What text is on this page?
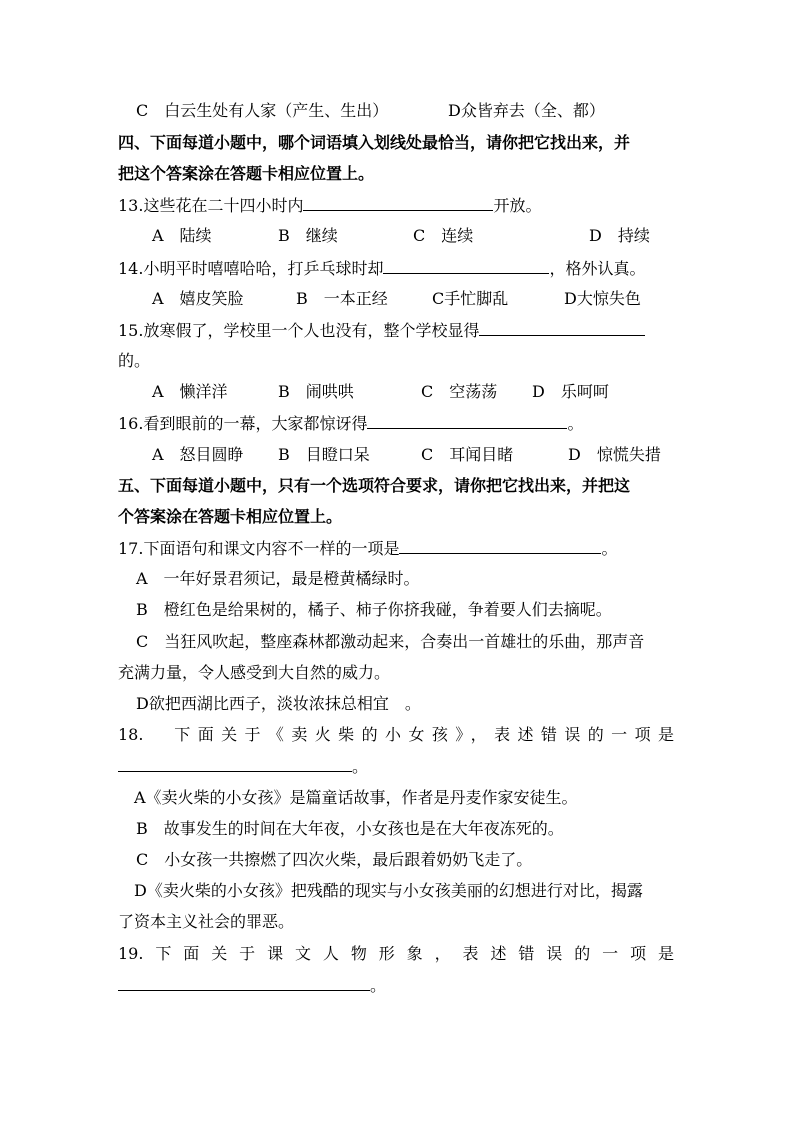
C　白云生处有人家（产生、生出）	D众皆弃去（全、都）
四、下面每道小题中，哪个词语填入划线处最恰当，请你把它找出来，并
把这个答案涂在答题卡相应位置上。
13.这些花在二十四小时内	开放。
A　陆续	B　继续	C　连续	D　持续
14.小明平时嘻嘻哈哈，打乒乓球时却	，格外认真。
A　嬉皮笑脸	B　一本正经	C手忙脚乱	D大惊失色
15.放寒假了，学校里一个人也没有，整个学校显得
的。
A　懒洋洋	B　闹哄哄	C　空荡荡 D　乐呵呵
16.看到眼前的一幕，大家都惊讶得	。
A　怒目圆睁 B　目瞪口呆	C　耳闻目睹	D　惊慌失措
五、下面每道小题中，只有一个选项符合要求，请你把它找出来，并把这
个答案涂在答题卡相应位置上。
17.下面语句和课文内容不一样的一项是	。
A　一年好景君须记，最是橙黄橘绿时。
B　橙红色是给果树的，橘子、柿子你挤我碰，争着要人们去摘呢。
C　当狂风吹起，整座森林都激动起来，合奏出一首雄壮的乐曲，那声音
充满力量，令人感受到大自然的威力。
D欲把西湖比西子，淡妆浓抹总相宜　。
18.　下面关于《卖火柴的小女孩》，表述错误的一项是
。
A《卖火柴的小女孩》是篇童话故事，作者是丹麦作家安徒生。
B　故事发生的时间在大年夜，小女孩也是在大年夜冻死的。
C　小女孩一共擦燃了四次火柴，最后跟着奶奶飞走了。
D《卖火柴的小女孩》把残酷的现实与小女孩美丽的幻想进行对比，揭露
了资本主义社会的罪恶。
19.下面关于课文人物形象，表述错误的一项是
。
